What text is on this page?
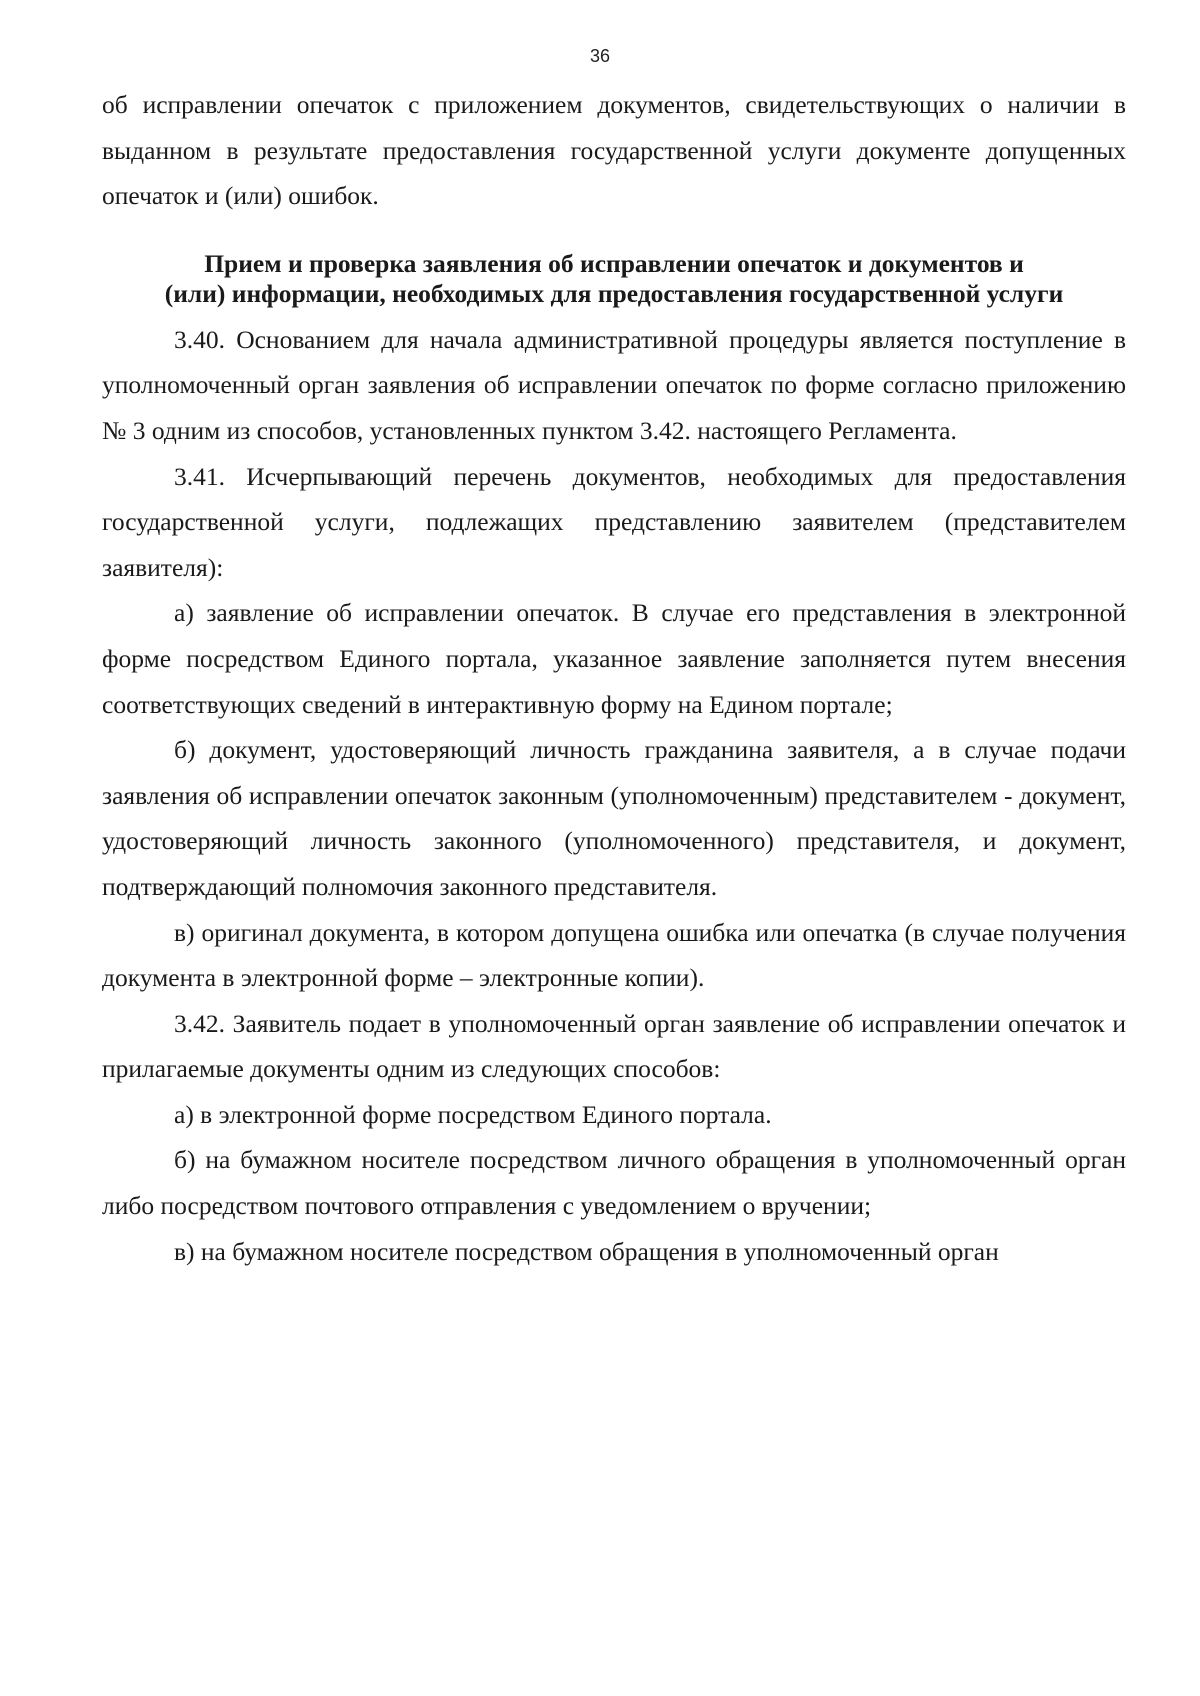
36

об исправлении опечаток с приложением документов, свидетельствующих о наличии в выданном в результате предоставления государственной услуги документе допущенных опечаток и (или) ошибок.

Прием и проверка заявления об исправлении опечаток и документов и
(или) информации, необходимых для предоставления государственной услуги

3.40. Основанием для начала административной процедуры является поступление в уполномоченный орган заявления об исправлении опечаток по форме согласно приложению № 3 одним из способов, установленных пунктом 3.42. настоящего Регламента.

3.41. Исчерпывающий перечень документов, необходимых для предоставления государственной услуги, подлежащих представлению заявителем (представителем заявителя):

а) заявление об исправлении опечаток. В случае его представления в электронной форме посредством Единого портала, указанное заявление заполняется путем внесения соответствующих сведений в интерактивную форму на Едином портале;

б) документ, удостоверяющий личность гражданина заявителя, а в случае подачи заявления об исправлении опечаток законным (уполномоченным) представителем - документ, удостоверяющий личность законного (уполномоченного) представителя, и документ, подтверждающий полномочия законного представителя.

в) оригинал документа, в котором допущена ошибка или опечатка (в случае получения документа в электронной форме – электронные копии).

3.42. Заявитель подает в уполномоченный орган заявление об исправлении опечаток и прилагаемые документы одним из следующих способов:

а) в электронной форме посредством Единого портала.

б) на бумажном носителе посредством личного обращения в уполномоченный орган либо посредством почтового отправления с уведомлением о вручении;

в) на бумажном носителе посредством обращения в уполномоченный орган
